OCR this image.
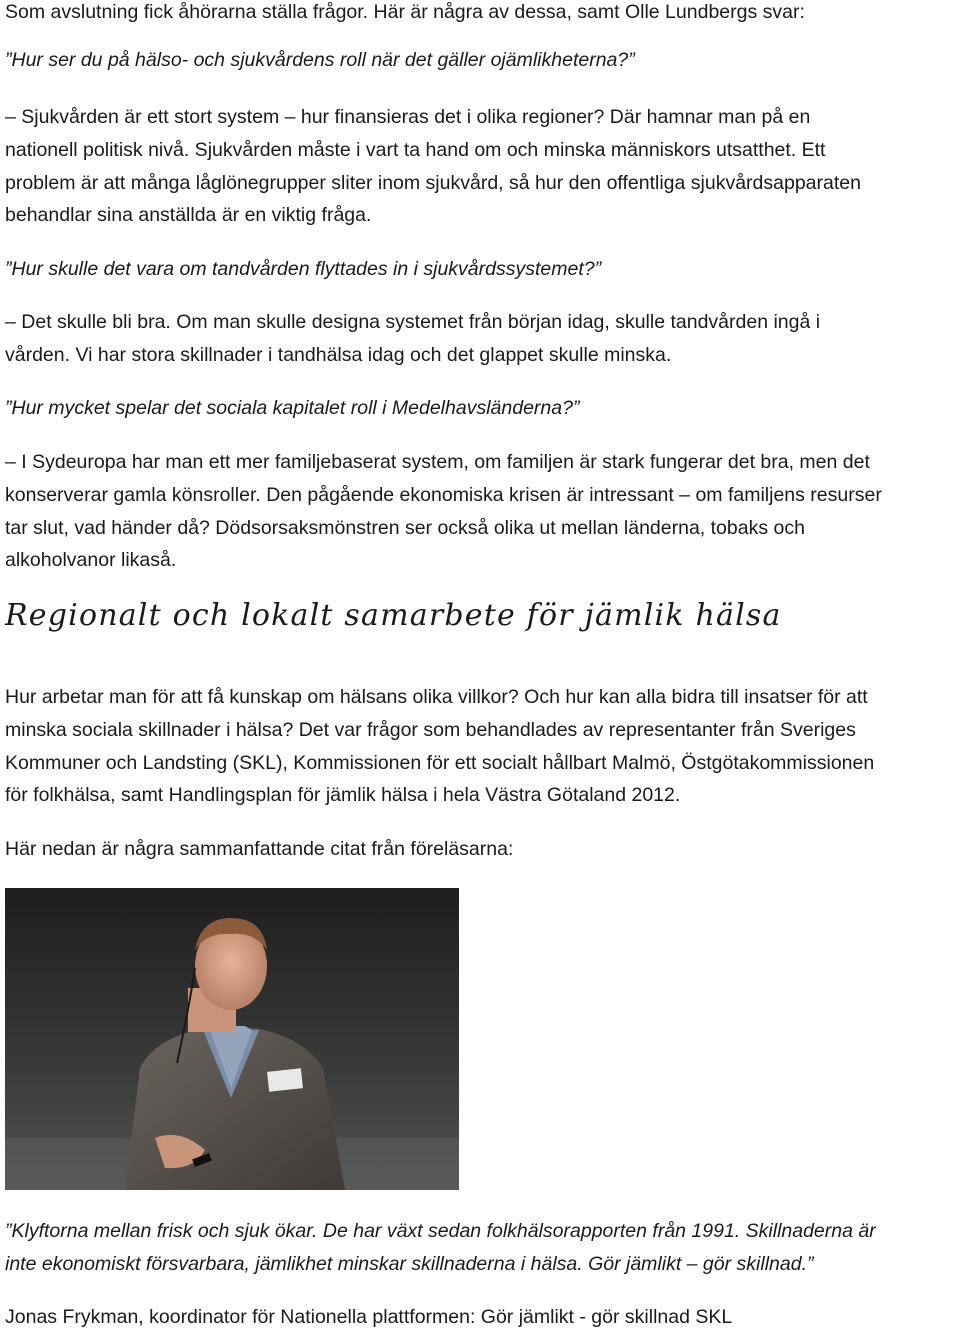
Som avslutning fick åhörarna ställa frågor. Här är några av dessa, samt Olle Lundbergs svar:

”Hur ser du på hälso- och sjukvårdens roll när det gäller ojämlikheterna?”

– Sjukvården är ett stort system – hur finansieras det i olika regioner? Där hamnar man på en
nationell politisk nivå. Sjukvården måste i vart ta hand om och minska människors utsatthet. Ett
problem är att många låglönegrupper sliter inom sjukvård, så hur den offentliga sjukvårdsapparaten
behandlar sina anställda är en viktig fråga.

”Hur skulle det vara om tandvården flyttades in i sjukvårdssystemet?”

– Det skulle bli bra. Om man skulle designa systemet från början idag, skulle tandvården ingå i
vården. Vi har stora skillnader i tandhälsa idag och det glappet skulle minska.

”Hur mycket spelar det sociala kapitalet roll i Medelhavsländerna?”

– I Sydeuropa har man ett mer familjebaserat system, om familjen är stark fungerar det bra, men det
konserverar gamla könsroller. Den pågående ekonomiska krisen är intressant – om familjens resurser
tar slut, vad händer då? Dödsorsaksmönstren ser också olika ut mellan länderna, tobaks och
alkoholvanor likaså.
Regionalt och lokalt samarbete för jämlik hälsa
Hur arbetar man för att få kunskap om hälsans olika villkor? Och hur kan alla bidra till insatser för att
minska sociala skillnader i hälsa? Det var frågor som behandlades av representanter från Sveriges
Kommuner och Landsting (SKL), Kommissionen för ett socialt hållbart Malmö, Östgötakommissionen
för folkhälsa, samt Handlingsplan för jämlik hälsa i hela Västra Götaland 2012.

Här nedan är några sammanfattande citat från föreläsarna:

”Klyftorna mellan frisk och sjuk ökar. De har växt sedan folkhälsorapporten från 1991. Skillnaderna är
inte ekonomiskt försvarbara, jämlikhet minskar skillnaderna i hälsa. Gör jämlikt – gör skillnad.”

Jonas Frykman, koordinator för Nationella plattformen: Gör jämlikt - gör skillnad SKL
